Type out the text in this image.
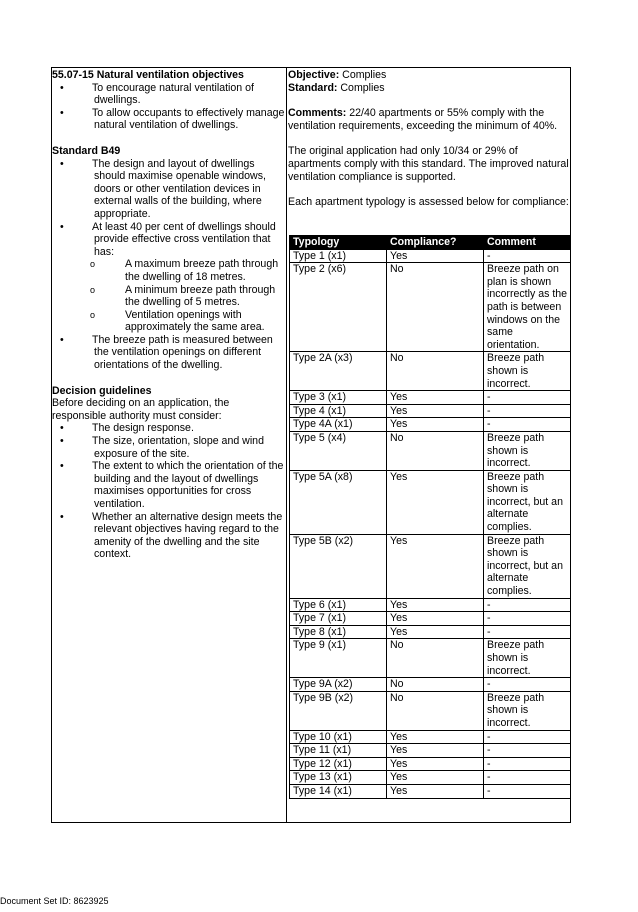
55.07-15 Natural ventilation objectives
•	To encourage natural ventilation of dwellings.
•	To allow occupants to effectively manage natural ventilation of dwellings.
Standard B49
•	The design and layout of dwellings should maximise openable windows, doors or other ventilation devices in external walls of the building, where appropriate.
•	At least 40 per cent of dwellings should provide effective cross ventilation that has:
o	A maximum breeze path through the dwelling of 18 metres.
o	A minimum breeze path through the dwelling of 5 metres.
o	Ventilation openings with approximately the same area.
•	The breeze path is measured between the ventilation openings on different orientations of the dwelling.
Decision guidelines
Before deciding on an application, the responsible authority must consider:
•	The design response.
•	The size, orientation, slope and wind exposure of the site.
•	The extent to which the orientation of the building and the layout of dwellings maximises opportunities for cross ventilation.
•	Whether an alternative design meets the relevant objectives having regard to the amenity of the dwelling and the site context.
Objective: Complies
Standard: Complies
Comments: 22/40 apartments or 55% comply with the ventilation requirements, exceeding the minimum of 40%.
The original application had only 10/34 or 29% of apartments comply with this standard. The improved natural ventilation compliance is supported.
Each apartment typology is assessed below for compliance:
Typology	Compliance?	Comment
Type 1 (x1)	Yes	-
Type 2 (x6)	No	Breeze path on plan is shown incorrectly as the path is between windows on the same orientation.
Type 2A (x3)	No	Breeze path shown is incorrect.
Type 3 (x1)	Yes	-
Type 4 (x1)	Yes	-
Type 4A (x1)	Yes	-
Type 5 (x4)	No	Breeze path shown is incorrect.
Type 5A (x8)	Yes	Breeze path shown is incorrect, but an alternate complies.
Type 5B (x2)	Yes	Breeze path shown is incorrect, but an alternate complies.
Type 6 (x1)	Yes	-
Type 7 (x1)	Yes	-
Type 8 (x1)	Yes	-
Type 9 (x1)	No	Breeze path shown is incorrect.
Type 9A (x2)	No	-
Type 9B (x2)	No	Breeze path shown is incorrect.
Type 10 (x1)	Yes	-
Type 11 (x1)	Yes	-
Type 12 (x1)	Yes	-
Type 13 (x1)	Yes	-
Type 14 (x1)	Yes	-
Document Set ID: 8623925
